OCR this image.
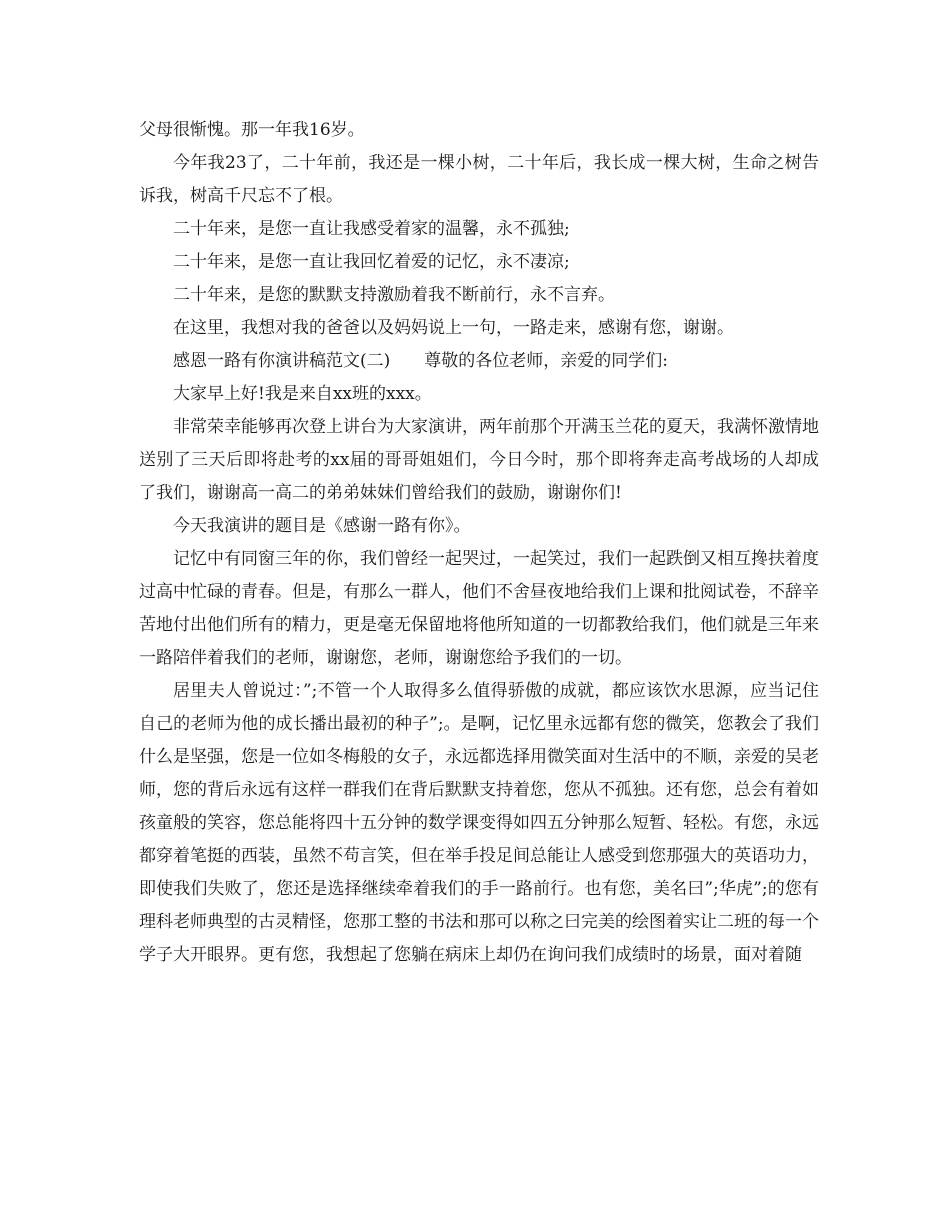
父母很惭愧。那一年我16岁。

今年我23了，二十年前，我还是一棵小树，二十年后，我长成一棵大树，生命之树告诉我，树高千尺忘不了根。

二十年来，是您一直让我感受着家的温馨，永不孤独;

二十年来，是您一直让我回忆着爱的记忆，永不凄凉;

二十年来，是您的默默支持激励着我不断前行，永不言弃。

在这里，我想对我的爸爸以及妈妈说上一句，一路走来，感谢有您，谢谢。

感恩一路有你演讲稿范文(二)　　尊敬的各位老师，亲爱的同学们:

大家早上好!我是来自xx班的xxx。

非常荣幸能够再次登上讲台为大家演讲，两年前那个开满玉兰花的夏天，我满怀激情地送别了三天后即将赴考的xx届的哥哥姐姐们，今日今时，那个即将奔走高考战场的人却成了我们，谢谢高一高二的弟弟妹妹们曾给我们的鼓励，谢谢你们!

今天我演讲的题目是《感谢一路有你》。

记忆中有同窗三年的你，我们曾经一起哭过，一起笑过，我们一起跌倒又相互搀扶着度过高中忙碌的青春。但是，有那么一群人，他们不舍昼夜地给我们上课和批阅试卷，不辞辛苦地付出他们所有的精力，更是毫无保留地将他所知道的一切都教给我们，他们就是三年来一路陪伴着我们的老师，谢谢您，老师，谢谢您给予我们的一切。

居里夫人曾说过：”;不管一个人取得多么值得骄傲的成就，都应该饮水思源，应当记住自己的老师为他的成长播出最初的种子”;。是啊，记忆里永远都有您的微笑，您教会了我们什么是坚强，您是一位如冬梅般的女子，永远都选择用微笑面对生活中的不顺，亲爱的吴老师，您的背后永远有这样一群我们在背后默默支持着您，您从不孤独。还有您，总会有着如孩童般的笑容，您总能将四十五分钟的数学课变得如四五分钟那么短暂、轻松。有您，永远都穿着笔挺的西装，虽然不苟言笑，但在举手投足间总能让人感受到您那强大的英语功力，即使我们失败了，您还是选择继续牵着我们的手一路前行。也有您，美名曰”;华虎”;的您有理科老师典型的古灵精怪，您那工整的书法和那可以称之曰完美的绘图着实让二班的每一个学子大开眼界。更有您，我想起了您躺在病床上却仍在询问我们成绩时的场景，面对着随
